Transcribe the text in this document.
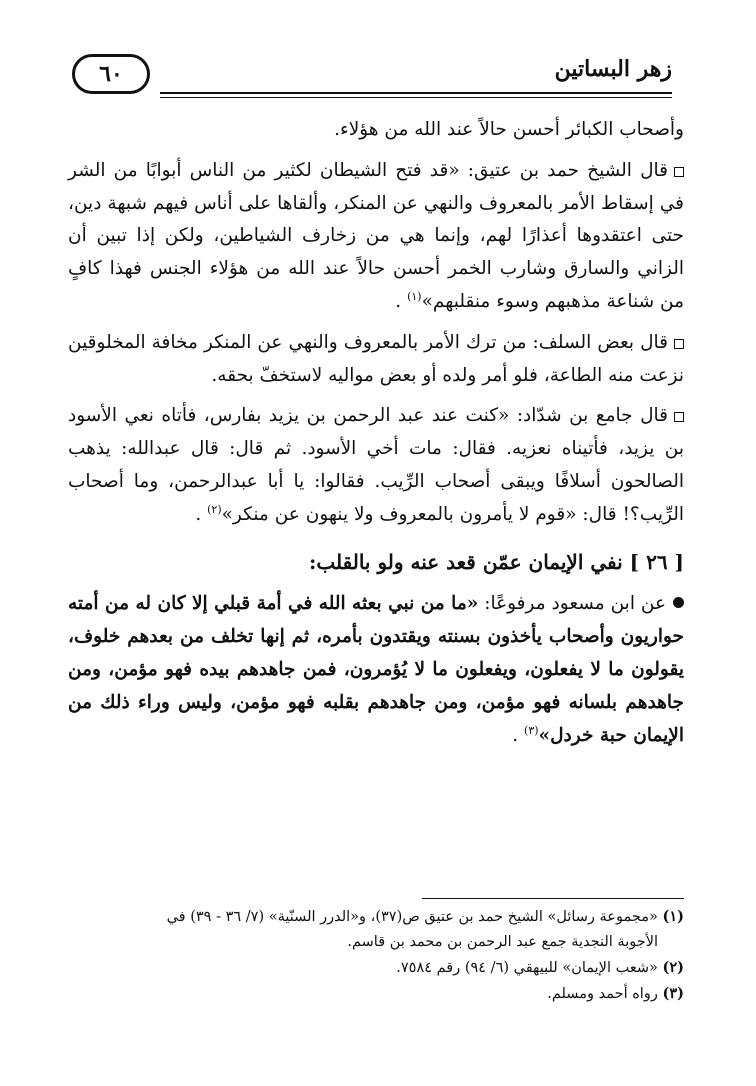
٦٠	زهر البساتين

وأصحاب الكبائر أحسن حالاً عند الله من هؤلاء.

قال الشيخ حمد بن عتيق: «قد فتح الشيطان لكثير من الناس أبوابًا من الشر في إسقاط الأمر بالمعروف والنهي عن المنكر، وألقاها على أناس فيهم شبهة دين، حتى اعتقدوها أعذارًا لهم، وإنما هي من زخارف الشياطين، ولكن إذا تبين أن الزاني والسارق وشارب الخمر أحسن حالاً عند الله من هؤلاء الجنس فهذا كافٍ من شناعة مذهبهم وسوء منقلبهم»$^{(١)}$ .

قال بعض السلف: من ترك الأمر بالمعروف والنهي عن المنكر مخافة المخلوقين نزعت منه الطاعة، فلو أمر ولده أو بعض مواليه لاستخفّ بحقه.

قال جامع بن شدّاد: «كنت عند عبد الرحمن بن يزيد بفارس، فأتاه نعي الأسود بن يزيد، فأتيناه نعزيه. فقال: مات أخي الأسود. ثم قال: قال عبدالله: يذهب الصالحون أسلافًا ويبقى أصحاب الرِّيب. فقالوا: يا أبا عبدالرحمن، وما أصحاب الرِّيب؟! قال: «قوم لا يأمرون بالمعروف ولا ينهون عن منكر»$^{(٢)}$ .

[ ٢٦ ] نفي الإيمان عمّن قعد عنه ولو بالقلب:

عن ابن مسعود مرفوعًا: «ما من نبي بعثه الله في أمة قبلي إلا كان له من أمته حواريون وأصحاب يأخذون بسنته ويقتدون بأمره، ثم إنها تخلف من بعدهم خلوف، يقولون ما لا يفعلون، ويفعلون ما لا يُؤمرون، فمن جاهدهم بيده فهو مؤمن، ومن جاهدهم بلسانه فهو مؤمن، ومن جاهدهم بقلبه فهو مؤمن، وليس وراء ذلك من الإيمان حبة خردل»$^{(٣)}$ .

(١) «مجموعة رسائل» الشيخ حمد بن عتيق ص(٣٧)، و«الدرر السنّية» (٧/ ٣٦ - ٣٩) في

الأجوبة النجدية جمع عبد الرحمن بن محمد بن قاسم.

(٢) «شعب الإيمان» للبيهقي (٦/ ٩٤) رقم ٧٥٨٤.

(٣) رواه أحمد ومسلم.
